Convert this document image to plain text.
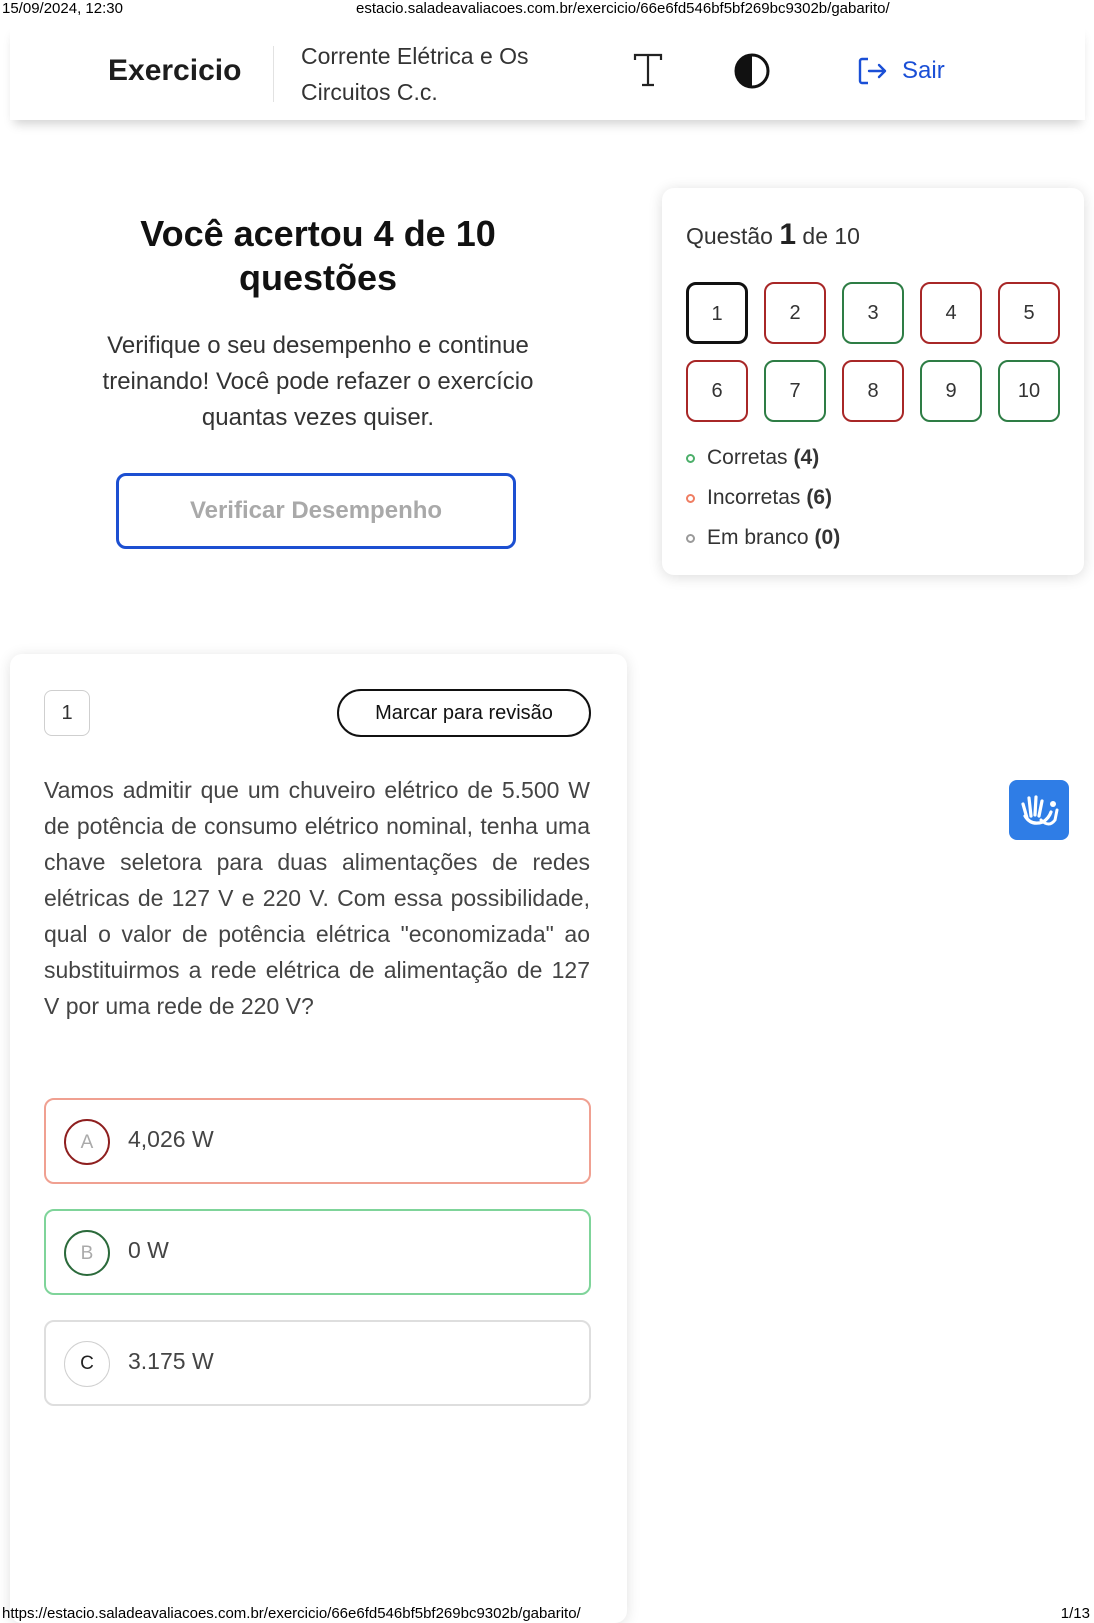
15/09/2024, 12:30	estacio.saladeavaliacoes.com.br/exercicio/66e6fd546bf5bf269bc9302b/gabarito/
Exercicio	Corrente Elétrica e Os
Circuitos C.c.
Sair
Você acertou 4 de 10 questões
Verifique o seu desempenho e continue treinando! Você pode refazer o exercício quantas vezes quiser.
Verificar Desempenho
Questão 1 de 10
1	2	3	4	5
6	7	8	9	10
Corretas (4)
Incorretas (6)
Em branco (0)
1	Marcar para revisão
Vamos admitir que um chuveiro elétrico de 5.500 W de potência de consumo elétrico nominal, tenha uma chave seletora para duas alimentações de redes elétricas de 127 V e 220 V. Com essa possibilidade, qual o valor de potência elétrica "economizada" ao substituirmos a rede elétrica de alimentação de 127 V por uma rede de 220 V?
A	4,026 W
B	0 W
C	3.175 W
https://estacio.saladeavaliacoes.com.br/exercicio/66e6fd546bf5bf269bc9302b/gabarito/	1/13
